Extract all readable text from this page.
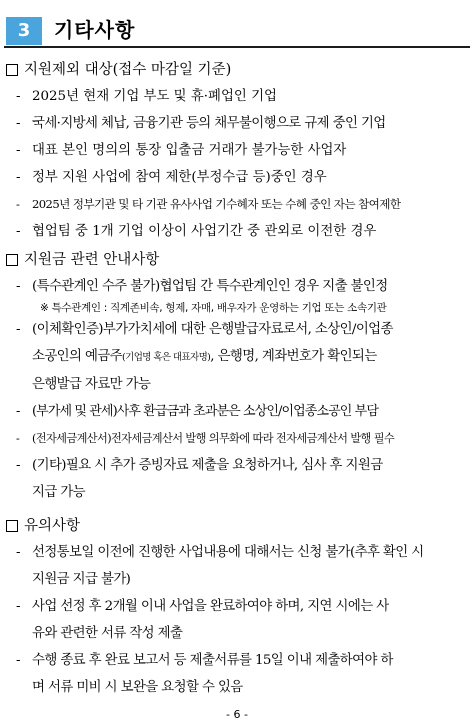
3	기타사항
지원제외 대상(접수 마감일 기준)
- 2025년 현재 기업 부도 및 휴·폐업인 기업
- 국세·지방세 체납, 금융기관 등의 채무불이행으로 규제 중인 기업
- 대표 본인 명의의 통장 입출금 거래가 불가능한 사업자
- 정부 지원 사업에 참여 제한(부정수급 등)중인 경우
- 2025년 정부기관 및 타 기관 유사사업 기수혜자 또는 수혜 중인 자는 참여제한
- 협업팀 중 1개 기업 이상이 사업기간 중 관외로 이전한 경우
지원금 관련 안내사항
- (특수관계인 수주 불가)협업팀 간 특수관계인인 경우 지출 불인정
※ 특수관계인 : 직계존비속, 형제, 자매, 배우자가 운영하는 기업 또는 소속기관
- (이체확인증)부가가치세에 대한 은행발급자료로서, 소상인/이업종
소공인의 예금주(기업명 혹은 대표자명), 은행명, 계좌번호가 확인되는
은행발급 자료만 가능
- (부가세 및 관세)사후 환급금과 초과분은 소상인/이업종소공인 부담
- (전자세금계산서)전자세금계산서 발행 의무화에 따라 전자세금계산서 발행 필수
- (기타)필요 시 추가 증빙자료 제출을 요청하거나, 심사 후 지원금
지급 가능
유의사항
- 선정통보일 이전에 진행한 사업내용에 대해서는 신청 불가(추후 확인 시
지원금 지급 불가)
- 사업 선정 후 2개월 이내 사업을 완료하여야 하며, 지연 시에는 사
유와 관련한 서류 작성 제출
- 수행 종료 후 완료 보고서 등 제출서류를 15일 이내 제출하여야 하
며 서류 미비 시 보완을 요청할 수 있음
- 6 -
